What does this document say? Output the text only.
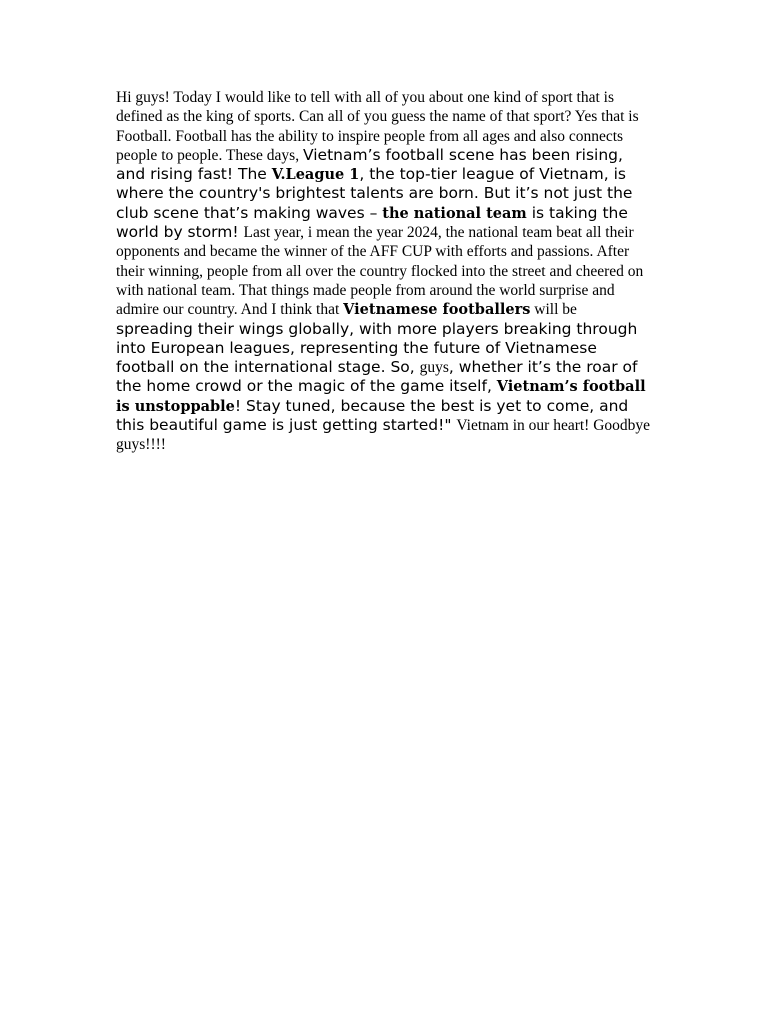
Hi guys! Today I would like to tell with all of you about one kind of sport that is defined as the king of sports. Can all of you guess the name of that sport? Yes that is Football. Football has the ability to inspire people from all ages and also connects people to people. These days, Vietnam’s football scene has been rising, and rising fast! The V.League 1, the top-tier league of Vietnam, is where the country's brightest talents are born. But it’s not just the club scene that’s making waves – the national team is taking the world by storm! Last year, i mean the year 2024, the national team beat all their opponents and became the winner of the AFF CUP with efforts and passions. After their winning, people from all over the country flocked into the street and cheered on with national team. That things made people from around the world surprise and admire our country. And I think that Vietnamese footballers will be spreading their wings globally, with more players breaking through into European leagues, representing the future of Vietnamese football on the international stage. So, guys, whether it’s the roar of the home crowd or the magic of the game itself, Vietnam’s football is unstoppable! Stay tuned, because the best is yet to come, and this beautiful game is just getting started!" Vietnam in our heart! Goodbye guys!!!!
